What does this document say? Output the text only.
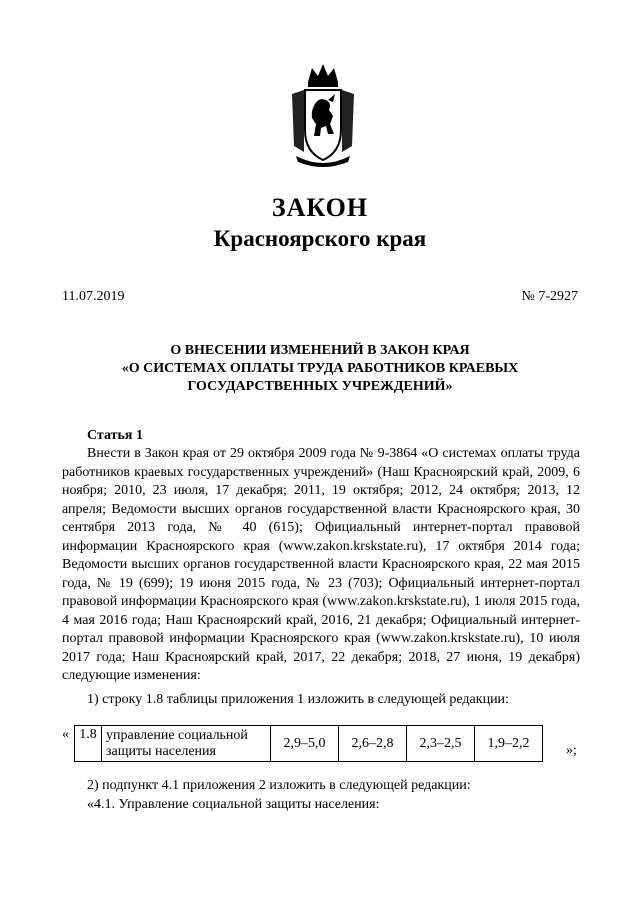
ЗАКОН
Красноярского края
11.07.2019	№ 7-2927
О ВНЕСЕНИИ ИЗМЕНЕНИЙ В ЗАКОН КРАЯ
«О СИСТЕМАХ ОПЛАТЫ ТРУДА РАБОТНИКОВ КРАЕВЫХ
ГОСУДАРСТВЕННЫХ УЧРЕЖДЕНИЙ»
Статья 1
Внести в Закон края от 29 октября 2009 года № 9-3864 «О системах оплаты труда работников краевых государственных учреждений» (Наш Красноярский край, 2009, 6 ноября; 2010, 23 июля, 17 декабря; 2011, 19 октября; 2012, 24 октября; 2013, 12 апреля; Ведомости высших органов государственной власти Красноярского края, 30 сентября 2013 года, № 40 (615); Официальный интернет-портал правовой информации Красноярского края (www.zakon.krskstate.ru), 17 октября 2014 года; Ведомости высших органов государственной власти Красноярского края, 22 мая 2015 года, № 19 (699); 19 июня 2015 года, № 23 (703); Официальный интернет-портал правовой информации Красноярского края (www.zakon.krskstate.ru), 1 июля 2015 года, 4 мая 2016 года; Наш Красноярский край, 2016, 21 декабря; Официальный интернет-портал правовой информации Красноярского края (www.zakon.krskstate.ru), 10 июля 2017 года; Наш Красноярский край, 2017, 22 декабря; 2018, 27 июня, 19 декабря) следующие изменения:
1) строку 1.8 таблицы приложения 1 изложить в следующей редакции:
« 1.8	управление социальной
защиты населения
	2,9–5,0	2,6–2,8	2,3–2,5	1,9–2,2	»;
2) подпункт 4.1 приложения 2 изложить в следующей редакции:
«4.1. Управление социальной защиты населения:
